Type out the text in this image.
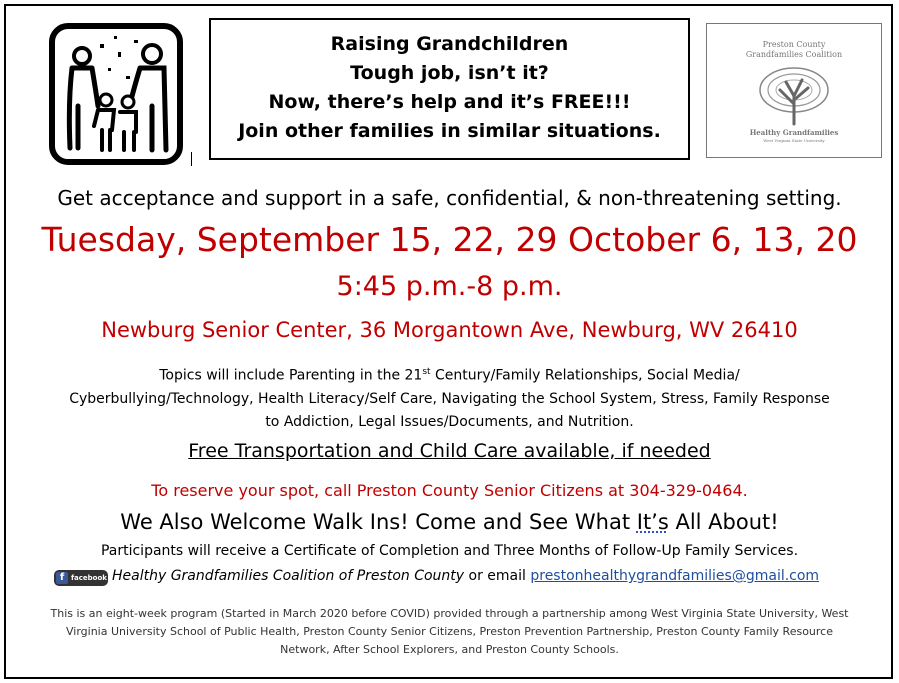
Raising Grandchildren
Tough job, isn’t it?
Now, there’s help and it’s FREE!!!
Join other families in similar situations.
Preston County
Grandfamilies Coalition
Healthy Grandfamilies
West Virginia State University
Get acceptance and support in a safe, confidential, & non-threatening setting.
Tuesday, September 15, 22, 29 October 6, 13, 20
5:45 p.m.-8 p.m.
Newburg Senior Center, 36 Morgantown Ave, Newburg, WV 26410
Topics will include Parenting in the 21st Century/Family Relationships, Social Media/
Cyberbullying/Technology, Health Literacy/Self Care, Navigating the School System, Stress, Family Response
to Addiction, Legal Issues/Documents, and Nutrition.
Free Transportation and Child Care available, if needed
To reserve your spot, call Preston County Senior Citizens at 304-329-0464.
We Also Welcome Walk Ins! Come and See What It’s All About!
Participants will receive a Certificate of Completion and Three Months of Follow-Up Family Services.
f facebook Healthy Grandfamilies Coalition of Preston County or email prestonhealthygrandfamilies@gmail.com
This is an eight-week program (Started in March 2020 before COVID) provided through a partnership among West Virginia State University, West
Virginia University School of Public Health, Preston County Senior Citizens, Preston Prevention Partnership, Preston County Family Resource
Network, After School Explorers, and Preston County Schools.
